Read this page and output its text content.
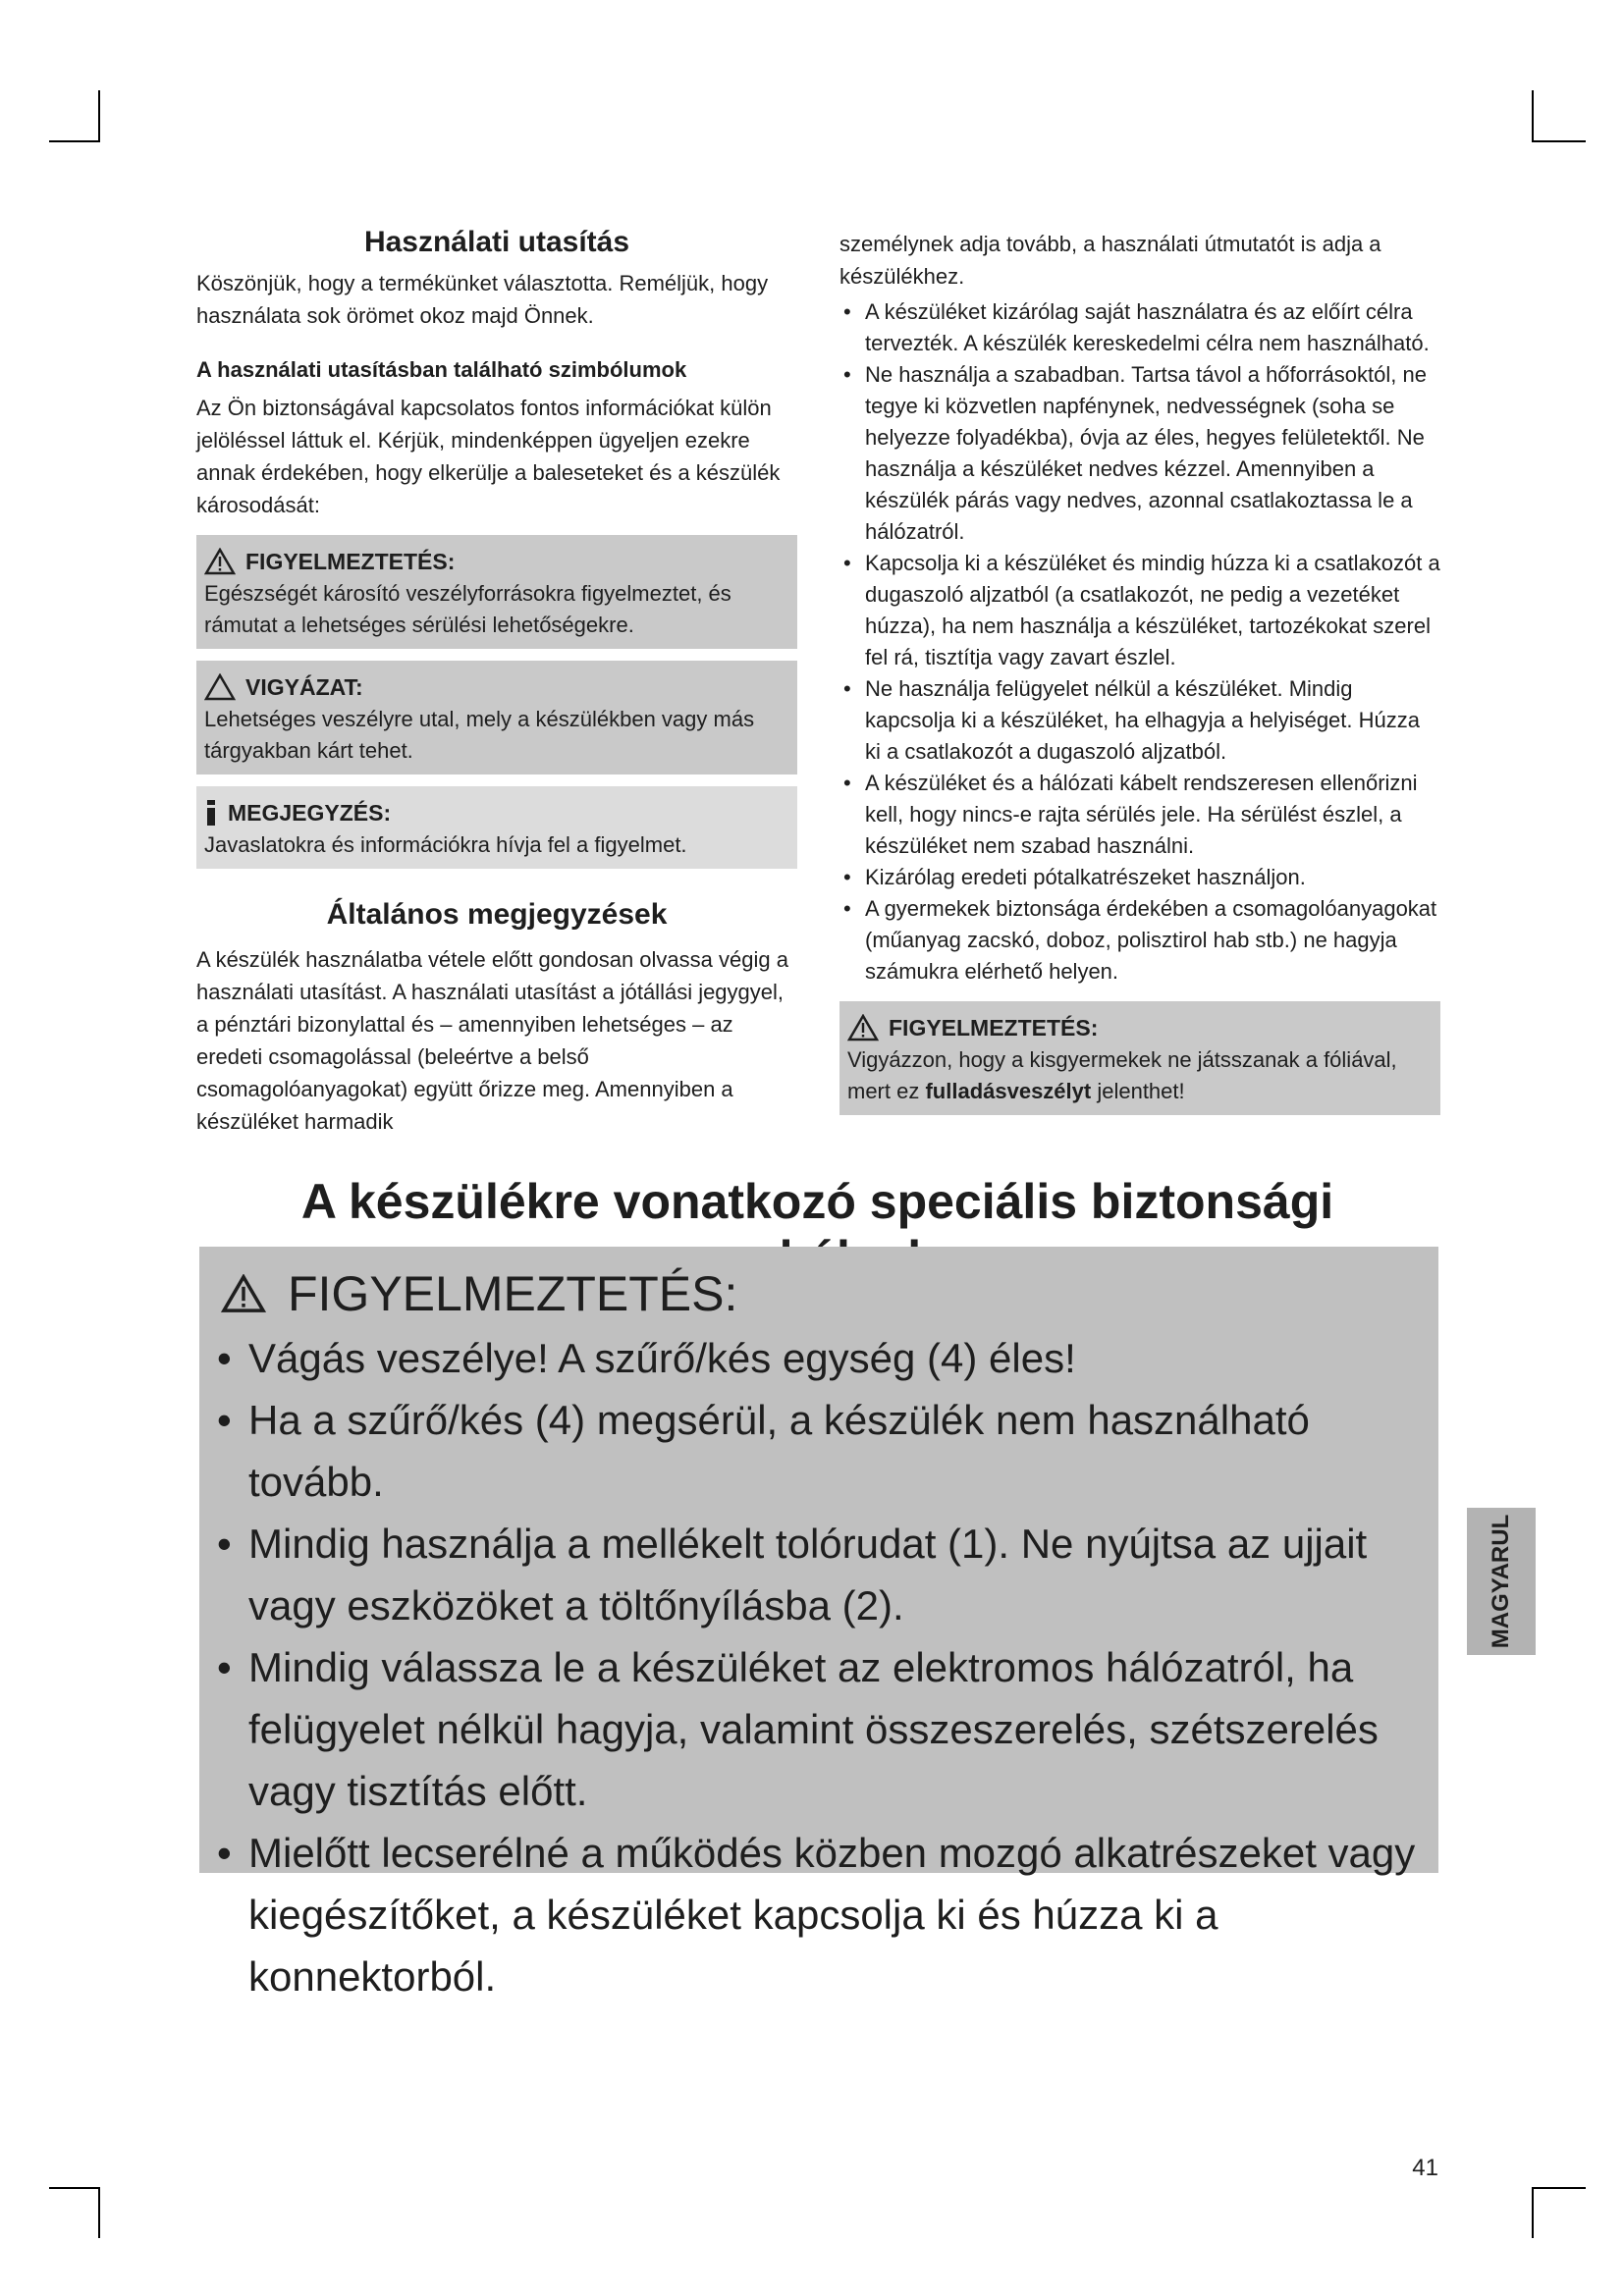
Használati utasítás

Köszönjük, hogy a termékünket választotta. Reméljük, hogy használata sok örömet okoz majd Önnek.

A használati utasításban található szimbólumok

Az Ön biztonságával kapcsolatos fontos információkat külön jelöléssel láttuk el. Kérjük, mindenképpen ügyeljen ezekre annak érdekében, hogy elkerülje a baleseteket és a készülék károsodását:

FIGYELMEZTETÉS:
Egészségét károsító veszélyforrásokra figyelmeztet, és rámutat a lehetséges sérülési lehetőségekre.
VIGYÁZAT:
Lehetséges veszélyre utal, mely a készülékben vagy más tárgyakban kárt tehet.
MEGJEGYZÉS:
Javaslatokra és információkra hívja fel a figyelmet.
Általános megjegyzések

A készülék használatba vétele előtt gondosan olvassa végig a használati utasítást. A használati utasítást a jótállási jegygyel, a pénztári bizonylattal és – amennyiben lehetséges – az eredeti csomagolással (beleértve a belső csomagolóanyagokat) együtt őrizze meg. Amennyiben a készüléket harmadik

személynek adja tovább, a használati útmutatót is adja a készülékhez.

• A készüléket kizárólag saját használatra és az előírt célra tervezték. A készülék kereskedelmi célra nem használható.
• Ne használja a szabadban. Tartsa távol a hőforrásoktól, ne tegye ki közvetlen napfénynek, nedvességnek (soha se helyezze folyadékba), óvja az éles, hegyes felületektől. Ne használja a készüléket nedves kézzel. Amennyiben a készülék párás vagy nedves, azonnal csatlakoztassa le a hálózatról.
• Kapcsolja ki a készüléket és mindig húzza ki a csatlakozót a dugaszoló aljzatból (a csatlakozót, ne pedig a vezetéket húzza), ha nem használja a készüléket, tartozékokat szerel fel rá, tisztítja vagy zavart észlel.
• Ne használja felügyelet nélkül a készüléket. Mindig kapcsolja ki a készüléket, ha elhagyja a helyiséget. Húzza ki a csatlakozót a dugaszoló aljzatból.
• A készüléket és a hálózati kábelt rendszeresen ellenőrizni kell, hogy nincs-e rajta sérülés jele. Ha sérülést észlel, a készüléket nem szabad használni.
• Kizárólag eredeti pótalkatrészeket használjon.
• A gyermekek biztonsága érdekében a csomagolóanyagokat (műanyag zacskó, doboz, polisztirol hab stb.) ne hagyja számukra elérhető helyen.
FIGYELMEZTETÉS:
Vigyázzon, hogy a kisgyermekek ne játsszanak a fóliával, mert ez fulladásveszélyt jelenthet!
A készülékre vonatkozó speciális biztonsági
FIGYELMEZTETÉS:
• Vágás veszélye! A szűrő/kés egység (4) éles!
• Ha a szűrő/kés (4) megsérül, a készülék nem használható tovább.
• Mindig használja a mellékelt tolórudat (1). Ne nyújtsa az ujjait vagy eszközöket a töltőnyílásba (2).
• Mindig válassza le a készüléket az elektromos hálózatról, ha felügyelet nélkül hagyja, valamint összeszerelés, szétszerelés vagy tisztítás előtt.
• Mielőtt lecserélné a működés közben mozgó alkatrészeket vagy kiegészítőket, a készüléket kapcsolja ki és húzza ki a konnektorból.
MAGYARUL
41
